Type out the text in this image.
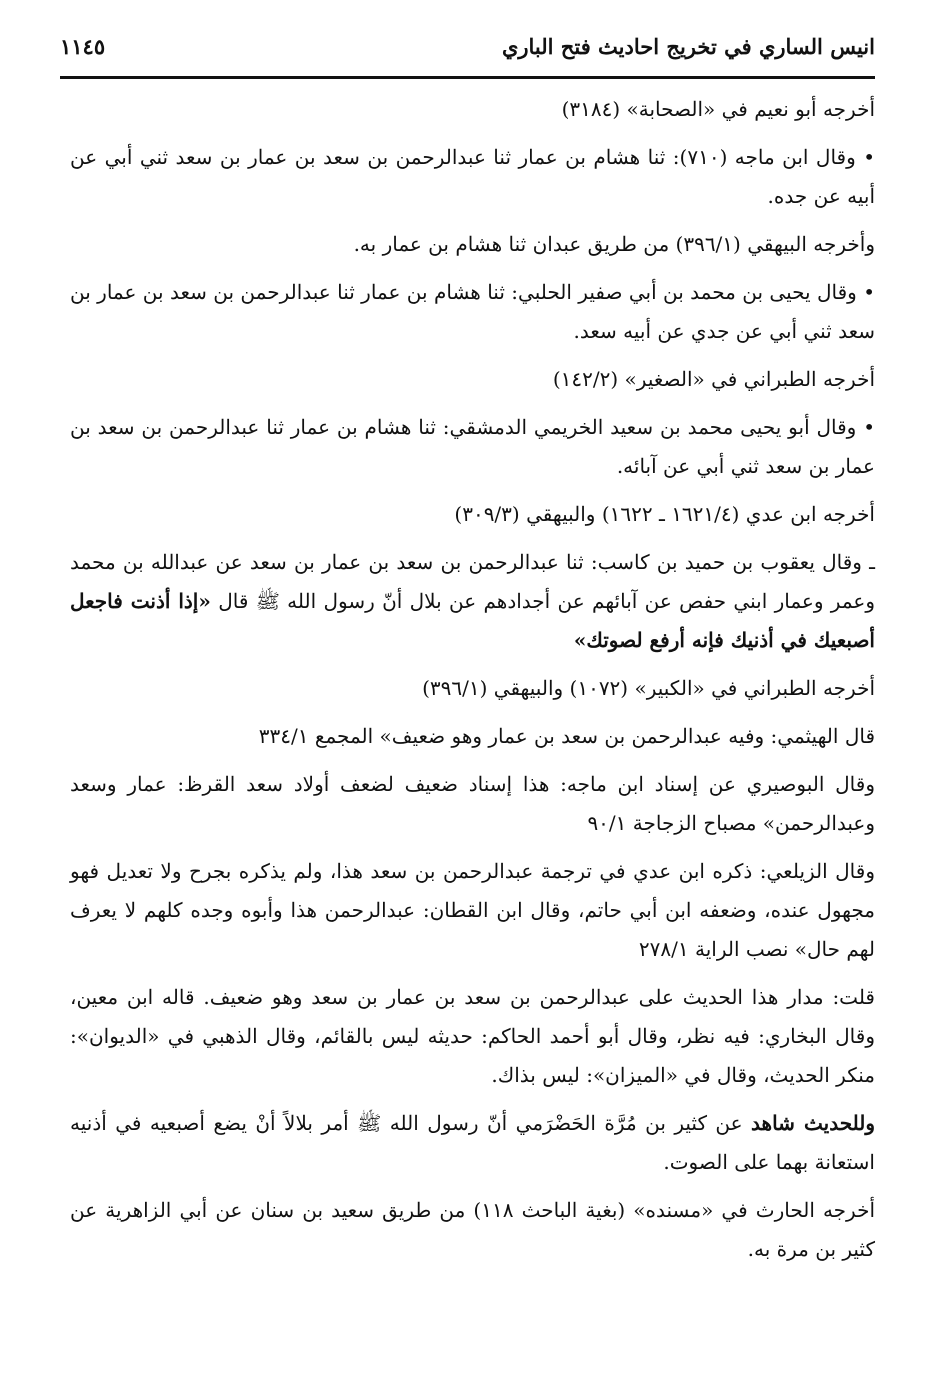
انيس الساري في تخريج احاديث فتح الباري
١١٤٥

أخرجه أبو نعيم في «الصحابة» (٣١٨٤)

• وقال ابن ماجه (٧١٠): ثنا هشام بن عمار ثنا عبدالرحمن بن سعد بن عمار بن سعد ثني أبي عن أبيه عن جده.

وأخرجه البيهقي (٣٩٦/١) من طريق عبدان ثنا هشام بن عمار به.

• وقال يحيى بن محمد بن أبي صفير الحلبي: ثنا هشام بن عمار ثنا عبدالرحمن بن سعد بن عمار بن سعد ثني أبي عن جدي عن أبيه سعد.

أخرجه الطبراني في «الصغير» (١٤٢/٢)

• وقال أبو يحيى محمد بن سعيد الخريمي الدمشقي: ثنا هشام بن عمار ثنا عبدالرحمن بن سعد بن عمار بن سعد ثني أبي عن آبائه.

أخرجه ابن عدي (١٦٢١/٤ ـ ١٦٢٢) والبيهقي (٣٠٩/٣)

ـ وقال يعقوب بن حميد بن كاسب: ثنا عبدالرحمن بن سعد بن عمار بن سعد عن عبدالله بن محمد وعمر وعمار ابني حفص عن آبائهم عن أجدادهم عن بلال أنّ رسول الله ﷺ قال «إذا أذنت فاجعل أصبعيك في أذنيك فإنه أرفع لصوتك»

أخرجه الطبراني في «الكبير» (١٠٧٢) والبيهقي (٣٩٦/١)

قال الهيثمي: وفيه عبدالرحمن بن سعد بن عمار وهو ضعيف» المجمع ٣٣٤/١

وقال البوصيري عن إسناد ابن ماجه: هذا إسناد ضعيف لضعف أولاد سعد القرظ: عمار وسعد وعبدالرحمن» مصباح الزجاجة ٩٠/١

وقال الزيلعي: ذكره ابن عدي في ترجمة عبدالرحمن بن سعد هذا، ولم يذكره بجرح ولا تعديل فهو مجهول عنده، وضعفه ابن أبي حاتم، وقال ابن القطان: عبدالرحمن هذا وأبوه وجده كلهم لا يعرف لهم حال» نصب الراية ٢٧٨/١

قلت: مدار هذا الحديث على عبدالرحمن بن سعد بن عمار بن سعد وهو ضعيف. قاله ابن معين، وقال البخاري: فيه نظر، وقال أبو أحمد الحاكم: حديثه ليس بالقائم، وقال الذهبي في «الديوان»: منكر الحديث، وقال في «الميزان»: ليس بذاك.

وللحديث شاهد عن كثير بن مُرَّة الحَضْرَمي أنّ رسول الله ﷺ أمر بلالاً أنْ يضع أصبعيه في أذنيه استعانة بهما على الصوت.

أخرجه الحارث في «مسنده» (بغية الباحث ١١٨) من طريق سعيد بن سنان عن أبي الزاهرية عن كثير بن مرة به.
